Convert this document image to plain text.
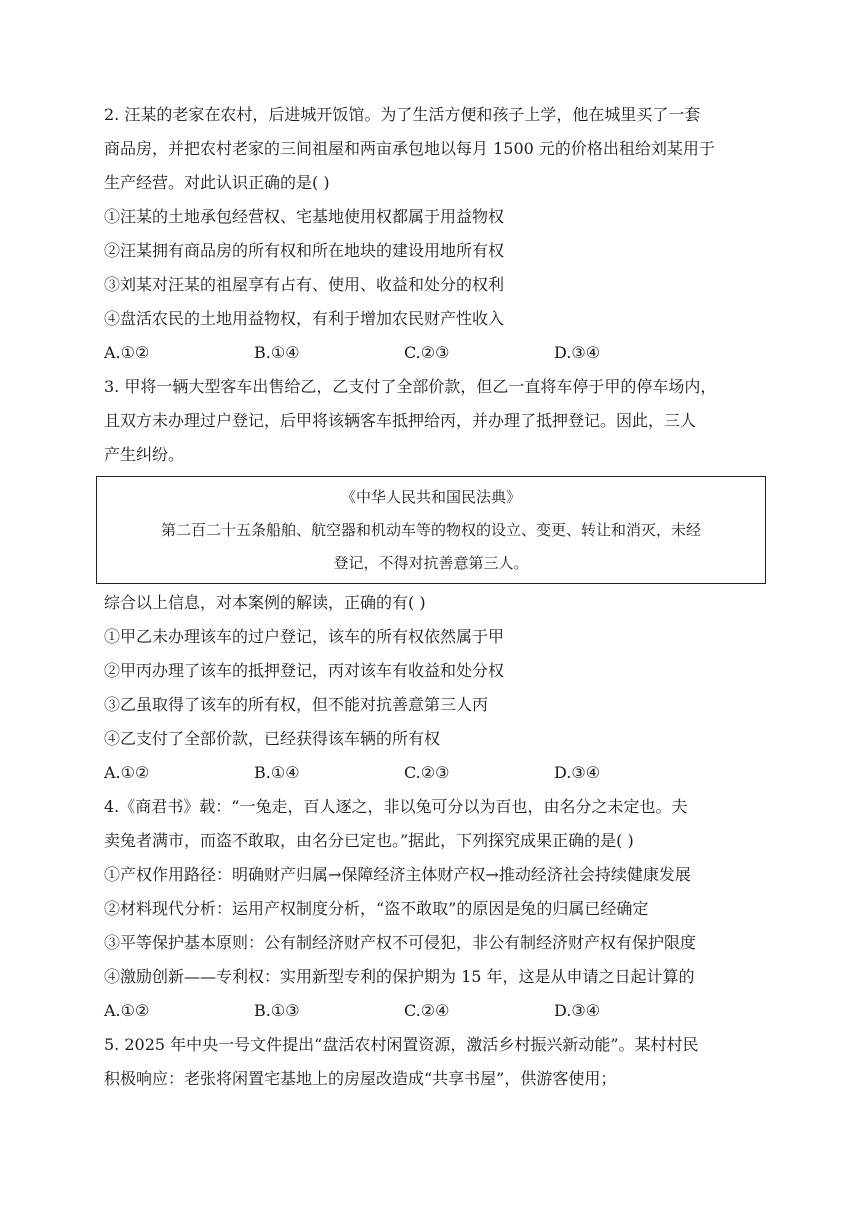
2. 汪某的老家在农村，后进城开饭馆。为了生活方便和孩子上学，他在城里买了一套
商品房，并把农村老家的三间祖屋和两亩承包地以每月 1500 元的价格出租给刘某用于
生产经营。对此认识正确的是( )
①汪某的土地承包经营权、宅基地使用权都属于用益物权
②汪某拥有商品房的所有权和所在地块的建设用地所有权
③刘某对汪某的祖屋享有占有、使用、收益和处分的权利
④盘活农民的土地用益物权，有利于增加农民财产性收入
A.①②	B.①④	C.②③	D.③④
3. 甲将一辆大型客车出售给乙，乙支付了全部价款，但乙一直将车停于甲的停车场内，
且双方未办理过户登记，后甲将该辆客车抵押给丙，并办理了抵押登记。因此，三人
产生纠纷。
《中华人民共和国民法典》
第二百二十五条船舶、航空器和机动车等的物权的设立、变更、转让和消灭，未经
登记，不得对抗善意第三人。
综合以上信息，对本案例的解读，正确的有( )
①甲乙未办理该车的过户登记，该车的所有权依然属于甲
②甲丙办理了该车的抵押登记，丙对该车有收益和处分权
③乙虽取得了该车的所有权，但不能对抗善意第三人丙
④乙支付了全部价款，已经获得该车辆的所有权
A.①②	B.①④	C.②③	D.③④
4.《商君书》载：“一兔走，百人逐之，非以兔可分以为百也，由名分之未定也。夫
卖兔者满市，而盗不敢取，由名分已定也。”据此，下列探究成果正确的是( )
①产权作用路径：明确财产归属→保障经济主体财产权→推动经济社会持续健康发展
②材料现代分析：运用产权制度分析，“盗不敢取”的原因是兔的归属已经确定
③平等保护基本原则：公有制经济财产权不可侵犯，非公有制经济财产权有保护限度
④激励创新——专利权：实用新型专利的保护期为 15 年，这是从申请之日起计算的
A.①②	B.①③	C.②④	D.③④
5. 2025 年中央一号文件提出“盘活农村闲置资源，激活乡村振兴新动能”。某村村民
积极响应：老张将闲置宅基地上的房屋改造成“共享书屋”，供游客使用；
